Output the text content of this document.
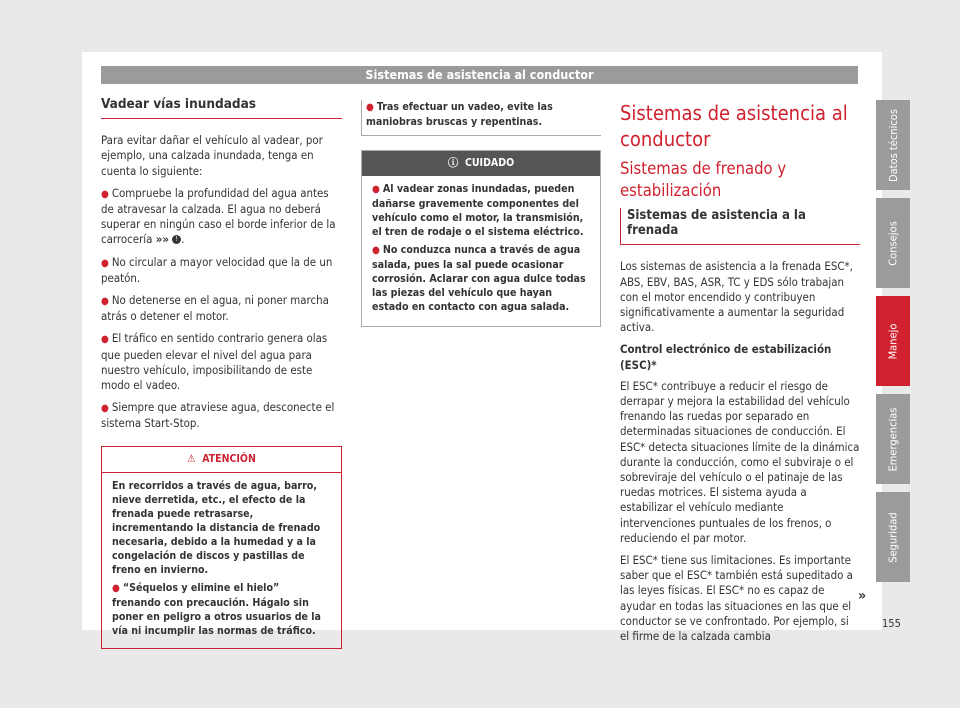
Sistemas de asistencia al conductor
Vadear vías inundadas

Para evitar dañar el vehículo al vadear, por ejemplo, una calzada inundada, tenga en cuenta lo siguiente:

● Compruebe la profundidad del agua antes de atravesar la calzada. El agua no deberá superar en ningún caso el borde inferior de la carrocería »» ! .

● No circular a mayor velocidad que la de un peatón.

● No detenerse en el agua, ni poner marcha atrás o detener el motor.

● El tráfico en sentido contrario genera olas que pueden elevar el nivel del agua para nuestro vehículo, imposibilitando de este modo el vadeo.

● Siempre que atraviese agua, desconecte el sistema Start-Stop.

⚠ ATENCIÓN

En recorridos a través de agua, barro, nieve derretida, etc., el efecto de la frenada puede retrasarse, incrementando la distancia de frenado necesaria, debido a la humedad y a la congelación de discos y pastillas de freno en invierno.

● “Séquelos y elimine el hielo” frenando con precaución. Hágalo sin poner en peligro a otros usuarios de la vía ni incumplir las normas de tráfico.

● Tras efectuar un vadeo, evite las maniobras bruscas y repentinas.
ⓘ CUIDADO

● Al vadear zonas inundadas, pueden dañarse gravemente componentes del vehículo como el motor, la transmisión, el tren de rodaje o el sistema eléctrico.

● No conduzca nunca a través de agua salada, pues la sal puede ocasionar corrosión. Aclarar con agua dulce todas las piezas del vehículo que hayan estado en contacto con agua salada.

Sistemas de asistencia al conductor
Sistemas de frenado y estabilización
Sistemas de asistencia a la frenada

Los sistemas de asistencia a la frenada ESC*, ABS, EBV, BAS, ASR, TC y EDS sólo trabajan con el motor encendido y contribuyen significativamente a aumentar la seguridad activa.

Control electrónico de estabilización (ESC)*

El ESC* contribuye a reducir el riesgo de derrapar y mejora la estabilidad del vehículo frenando las ruedas por separado en determinadas situaciones de conducción. El ESC* detecta situaciones límite de la dinámica durante la conducción, como el subviraje o el sobreviraje del vehículo o el patinaje de las ruedas motrices. El sistema ayuda a estabilizar el vehículo mediante intervenciones puntuales de los frenos, o reduciendo el par motor.

El ESC* tiene sus limitaciones. Es importante saber que el ESC* también está supeditado a las leyes físicas. El ESC* no es capaz de ayudar en todas las situaciones en las que el conductor se ve confrontado. Por ejemplo, si el firme de la calzada cambia

Datos técnicos
Consejos
Manejo
Emergencias
Seguridad
»
155
